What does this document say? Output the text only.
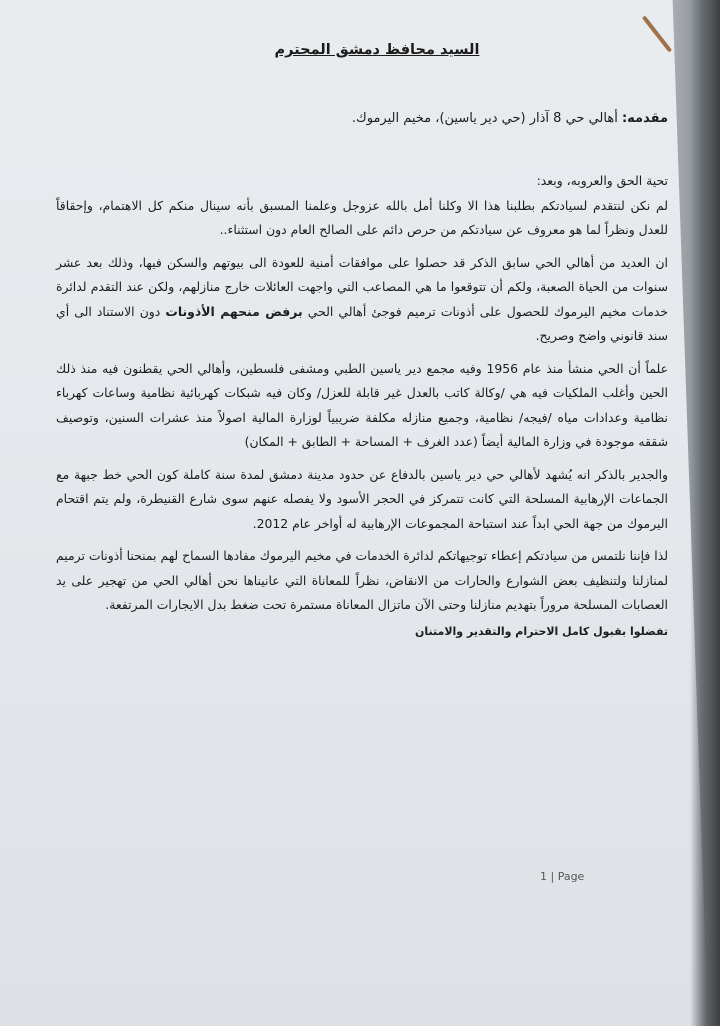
السيد محافظ دمشق المحترم
مقدمه: أهالي حي 8 آذار (حي دير ياسين)، مخيم اليرموك.
تحية الحق والعروبه، وبعد:

لم نكن لنتقدم لسيادتكم بطلبنا هذا الا وكلنا أمل بالله عزوجل وعلمنا المسبق بأنه سينال منكم كل الاهتمام، وإحقاقاً للعدل ونظراً لما هو معروف عن سيادتكم من حرص دائم على الصالح العام دون استثناء..

ان العديد من أهالي الحي سابق الذكر قد حصلوا على موافقات أمنية للعودة الى بيوتهم والسكن فيها، وذلك بعد عشر سنوات من الحياة الصعبة، ولكم أن تتوقعوا ما هي المصاعب التي واجهت العائلات خارج منازلهم، ولكن عند التقدم لدائرة خدمات مخيم اليرموك للحصول على أذونات ترميم فوجئ أهالي الحي برفض منحهم الأذونات دون الاستناد الى أي سند قانوني واضح وصريح.

علماً أن الحي منشأ منذ عام 1956 وفيه مجمع دير ياسين الطبي ومشفى فلسطين، وأهالي الحي يقطنون فيه منذ ذلك الحين وأغلب الملكيات فيه هي /وكالة كاتب بالعدل غير قابلة للعزل/ وكان فيه شبكات كهربائية نظامية وساعات كهرباء نظامية وعدادات مياه /فيجه/ نظامية، وجميع منازله مكلفة ضريبياً لوزارة المالية اصولاً منذ عشرات السنين، وتوصيف شققه موجودة في وزارة المالية أيضاً (عدد الغرف + المساحة + الطابق + المكان)

والجدير بالذكر انه يُشهد لأهالي حي دير ياسين بالدفاع عن حدود مدينة دمشق لمدة سنة كاملة كون الحي خط جبهة مع الجماعات الإرهابية المسلحة التي كانت تتمركز في الحجر الأسود ولا يفصله عنهم سوى شارع القنيطرة، ولم يتم اقتحام اليرموك من جهة الحي ابداً عند استباحة المجموعات الإرهابية له أواخر عام 2012.

لذا فإننا نلتمس من سيادتكم إعطاء توجيهاتكم لدائرة الخدمات في مخيم اليرموك مفادها السماح لهم بمنحنا أذونات ترميم لمنازلنا ولتنظيف بعض الشوارع والحارات من الانقاض، نظراً للمعاناة التي عانيناها نحن أهالي الحي من تهجير على يد العصابات المسلحة مروراً بتهديم منازلنا وحتى الآن ماتزال المعاناة مستمرة تحت ضغط بدل الايجارات المرتفعة.

تفضلوا بقبول كامل الاحترام والتقدير والامتنان
1 | Page
